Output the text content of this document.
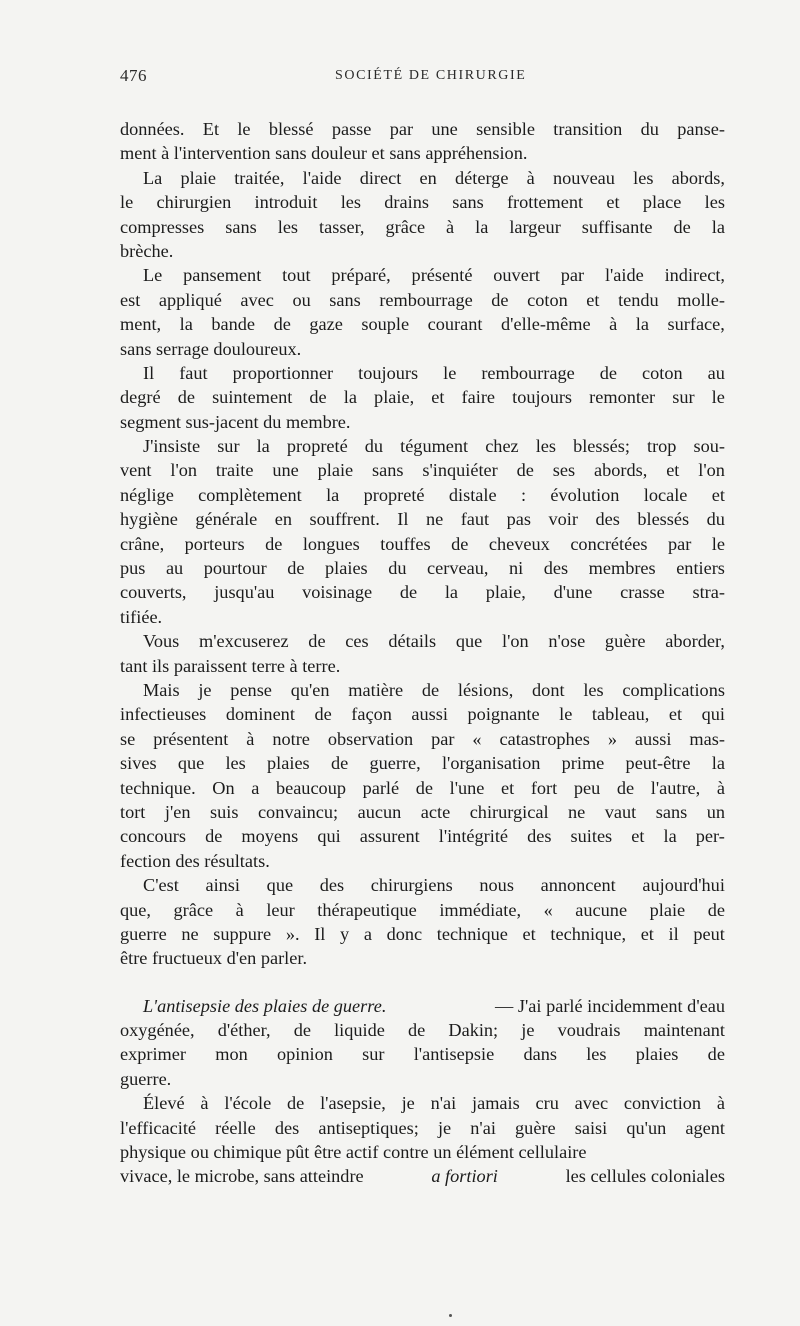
476	SOCIÉTÉ DE CHIRURGIE
données. Et le blessé passe par une sensible transition du panse-
ment à l'intervention sans douleur et sans appréhension.
La plaie traitée, l'aide direct en déterge à nouveau les abords,
le chirurgien introduit les drains sans frottement et place les
compresses sans les tasser, grâce à la largeur suffisante de la
brèche.
Le pansement tout préparé, présenté ouvert par l'aide indirect,
est appliqué avec ou sans rembourrage de coton et tendu molle-
ment, la bande de gaze souple courant d'elle-même à la surface,
sans serrage douloureux.
Il faut proportionner toujours le rembourrage de coton au
degré de suintement de la plaie, et faire toujours remonter sur le
segment sus-jacent du membre.
J'insiste sur la propreté du tégument chez les blessés; trop sou-
vent l'on traite une plaie sans s'inquiéter de ses abords, et l'on
néglige complètement la propreté distale : évolution locale et
hygiène générale en souffrent. Il ne faut pas voir des blessés du
crâne, porteurs de longues touffes de cheveux concrétées par le
pus au pourtour de plaies du cerveau, ni des membres entiers
couverts, jusqu'au voisinage de la plaie, d'une crasse stra-
tifiée.
Vous m'excuserez de ces détails que l'on n'ose guère aborder,
tant ils paraissent terre à terre.
Mais je pense qu'en matière de lésions, dont les complications
infectieuses dominent de façon aussi poignante le tableau, et qui
se présentent à notre observation par « catastrophes » aussi mas-
sives que les plaies de guerre, l'organisation prime peut-être la
technique. On a beaucoup parlé de l'une et fort peu de l'autre, à
tort j'en suis convaincu; aucun acte chirurgical ne vaut sans un
concours de moyens qui assurent l'intégrité des suites et la per-
fection des résultats.
C'est ainsi que des chirurgiens nous annoncent aujourd'hui
que, grâce à leur thérapeutique immédiate, « aucune plaie de
guerre ne suppure ». Il y a donc technique et technique, et il peut
être fructueux d'en parler.
L'antisepsie des plaies de guerre.	— J'ai parlé incidemment d'eau
oxygénée, d'éther, de liquide de Dakin; je voudrais maintenant
exprimer mon opinion sur l'antisepsie dans les plaies de
guerre.
Élevé à l'école de l'asepsie, je n'ai jamais cru avec conviction à
l'efficacité réelle des antiseptiques; je n'ai guère saisi qu'un agent
physique ou chimique pût être actif contre un élément cellulaire
vivace, le microbe, sans atteindre	a fortiori	les cellules coloniales
